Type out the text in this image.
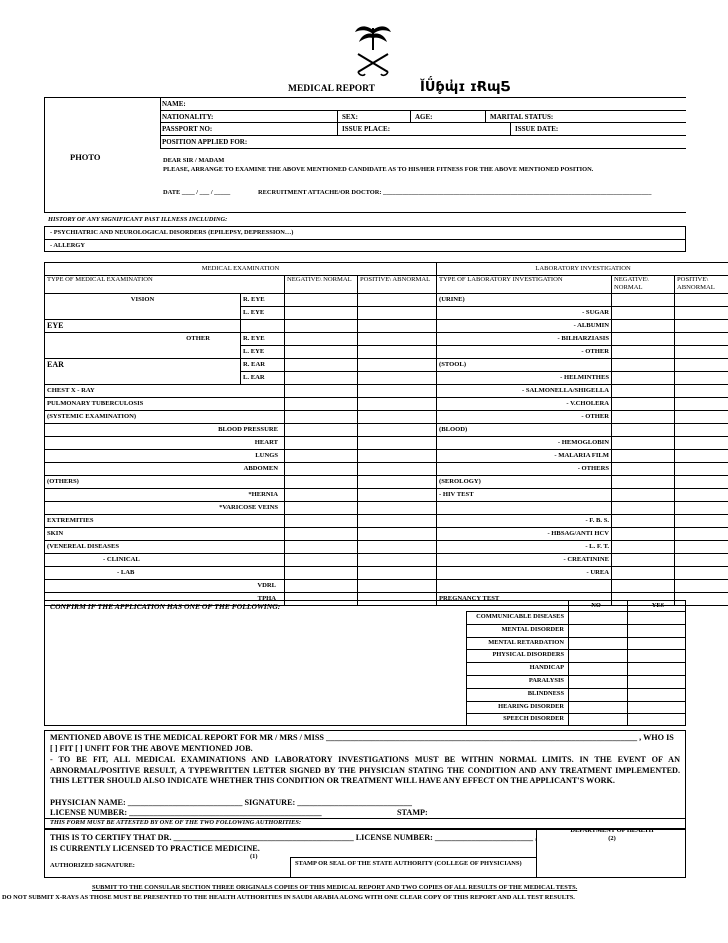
MEDICAL REPORT	ĬǗɓ̥ɰ̓ɪ ɪɌɰƼ
PHOTO
NAME:
NATIONALITY:	SEX:	AGE:	MARITAL STATUS:
PASSPORT NO:	ISSUE PLACE:	ISSUE DATE:
POSITION APPLIED FOR:
DEAR SIR / MADAM
PLEASE, ARRANGE TO EXAMINE THE ABOVE MENTIONED CANDIDATE AS TO HIS/HER FITNESS FOR THE ABOVE MENTIONED POSITION.
DATE ____ / ___ / _____	RECRUITMENT ATTACHE/OR DOCTOR: ____________________________________________________________________________________
HISTORY OF ANY SIGNIFICANT PAST ILLNESS INCLUDING:
- PSYCHIATRIC AND NEUROLOGICAL DISORDERS (EPILEPSY, DEPRESSION…)
- ALLERGY
MEDICAL EXAMINATION				LABORATORY INVESTIGATION		
TYPE OF MEDICAL EXAMINATION		NEGATIVE\ NORMAL	POSITIVE\ ABNORMAL	TYPE OF LABORATORY INVESTIGATION	NEGATIVE\ NORMAL	POSITIVE\ ABNORMAL
VISION	R. EYE			(URINE)		
	L. EYE			- SUGAR		
EYE				- ALBUMIN		
OTHER	R. EYE			- BILHARZIASIS		
	L. EYE			- OTHER		
EAR	R. EAR			(STOOL)		
	L. EAR			- HELMINTHES		
CHEST X - RAY				- SALMONELLA/SHIGELLA		
PULMONARY TUBERCULOSIS				- V.CHOLERA		
(SYSTEMIC EXAMINATION)				- OTHER		
BLOOD PRESSURE				(BLOOD)		
HEART				- HEMOGLOBIN		
LUNGS				- MALARIA FILM		
ABDOMEN				- OTHERS		
(OTHERS)				(SEROLOGY)		
*HERNIA				- HIV TEST		
*VARICOSE VEINS						
EXTREMITIES				- F. B. S.		
SKIN				- HBSAG/ANTI HCV		
(VENEREAL DISEASES				- L. F. T.		
- CLINICAL				- CREATININE		
- LAB				- UREA		
VDRL						
TPHA				PREGNANCY TEST		
CONFIRM IF THE APPLICATION HAS ONE OF THE FOLLOWING:	NO	YES
COMMUNICABLE DISEASES
MENTAL DISORDER
MENTAL RETARDATION
PHYSICAL DISORDERS
HANDICAP
PARALYSIS
BLINDNESS
HEARING DISORDER
SPEECH DISORDER
MENTIONED ABOVE IS THE MEDICAL REPORT FOR MR / MRS / MISS ____________________________________________________________________________ , WHO IS
[ ] FIT [ ] UNFIT FOR THE ABOVE MENTIONED JOB.
- TO BE FIT, ALL MEDICAL EXAMINATIONS AND LABORATORY INVESTIGATIONS MUST BE WITHIN NORMAL LIMITS. IN THE EVENT OF AN ABNORMAL/POSITIVE RESULT, A TYPEWRITTEN LETTER SIGNED BY THE PHYSICIAN STATING THE CONDITION AND ANY TREATMENT IMPLEMENTED. THIS LETTER SHOULD ALSO INDICATE WHETHER THIS CONDITION OR TREATMENT WILL HAVE ANY EFFECT ON THE APPLICANT'S WORK.
PHYSICIAN NAME: ____________________________ SIGNATURE: ____________________________
LICENSE NUMBER: _______________________________________________	STAMP:
THIS FORM MUST BE ATTESTED BY ONE OF THE TWO FOLLOWING AUTHORITIES:
THIS IS TO CERTIFY THAT DR. ____________________________________________ LICENSE NUMBER: ________________________ ,
IS CURRENTLY LICENSED TO PRACTICE MEDICINE.
(1)
AUTHORIZED SIGNATURE:	STAMP OR SEAL OF THE STATE AUTHORITY (COLLEGE OF PHYSICIANS)
DEPARTMENT OF HEALTH
(2)
SUBMIT TO THE CONSULAR SECTION THREE ORIGINALS COPIES OF THIS MEDICAL REPORT AND TWO COPIES OF ALL RESULTS OF THE MEDICAL TESTS.
DO NOT SUBMIT X-RAYS AS THOSE MUST BE PRESENTED TO THE HEALTH AUTHORITIES IN SAUDI ARABIA ALONG WITH ONE CLEAR COPY OF THIS REPORT AND ALL TEST RESULTS.
